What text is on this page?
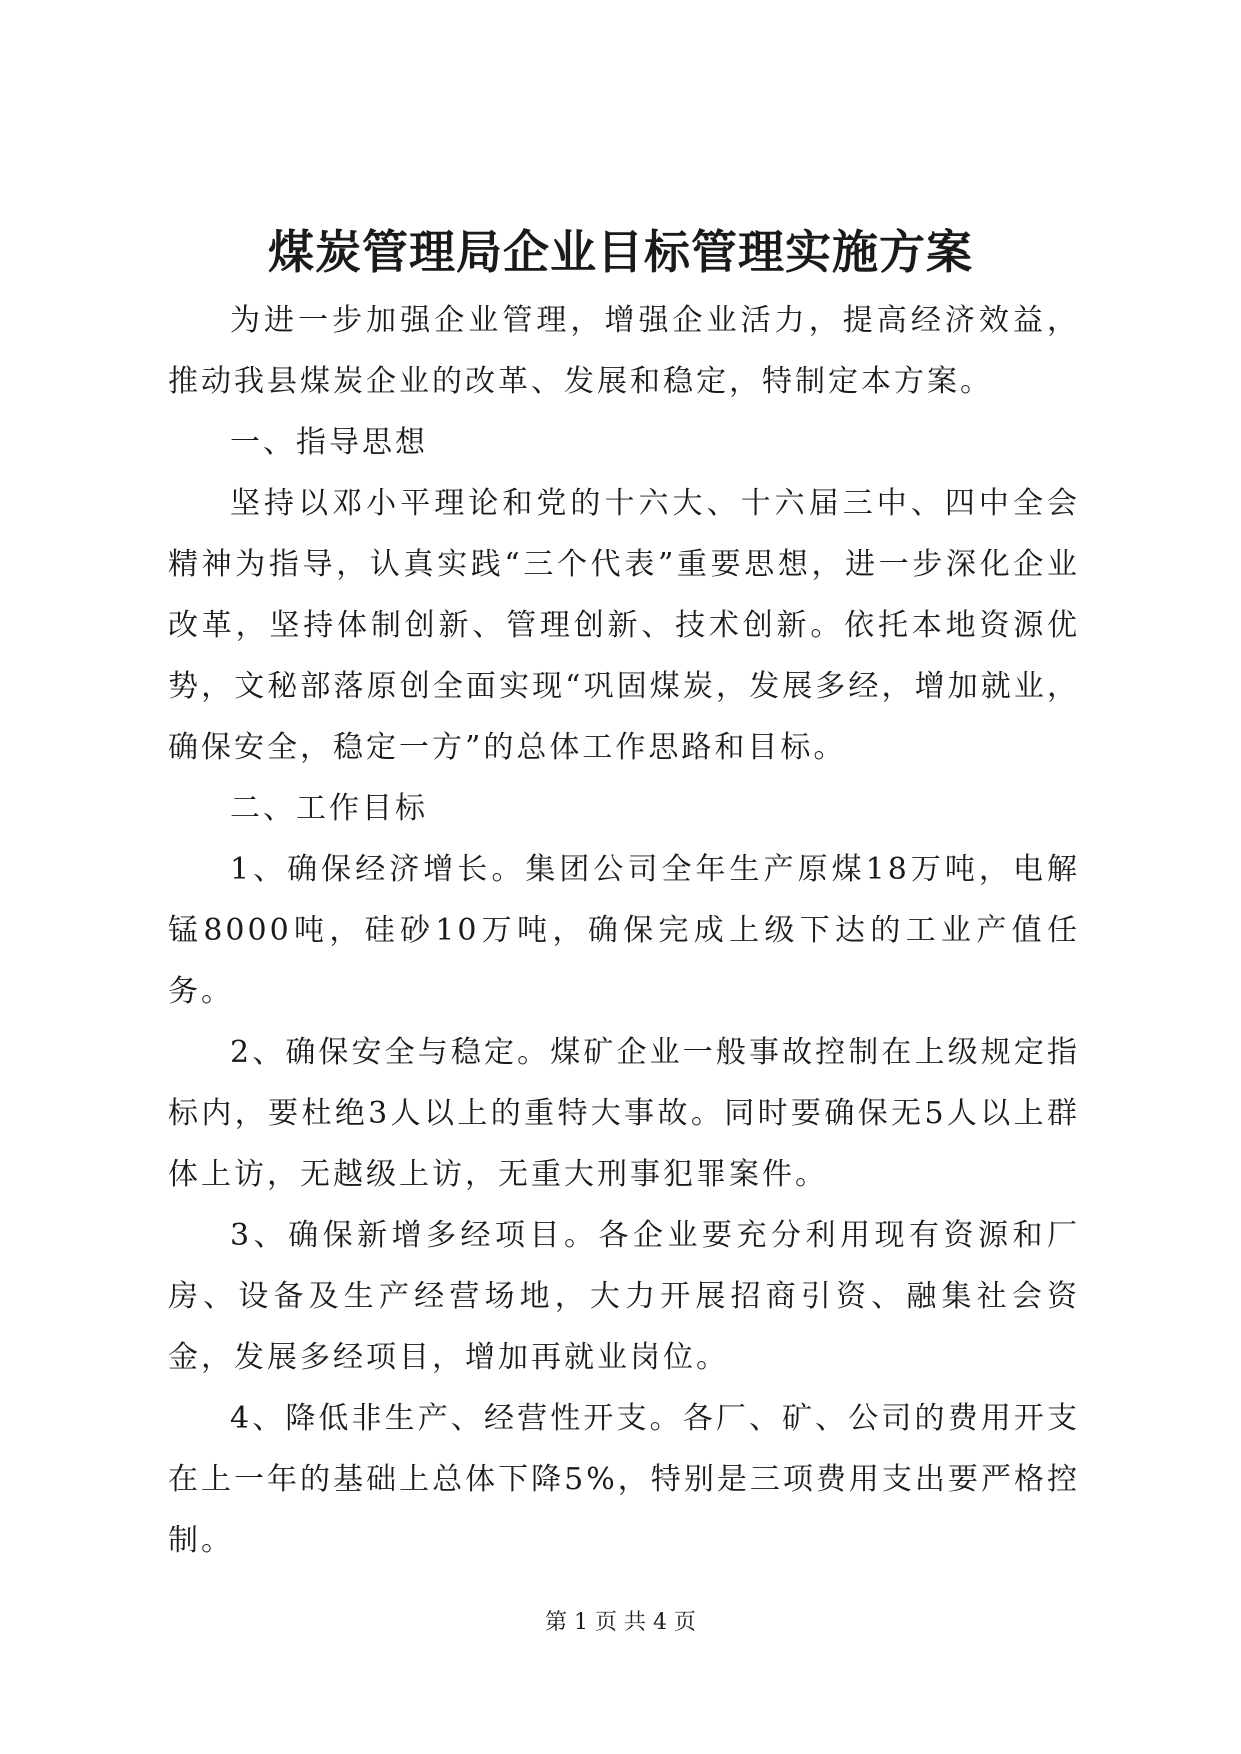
煤炭管理局企业目标管理实施方案

为进一步加强企业管理，增强企业活力，提高经济效益，推动我县煤炭企业的改革、发展和稳定，特制定本方案。

一、指导思想

坚持以邓小平理论和党的十六大、十六届三中、四中全会精神为指导，认真实践“三个代表”重要思想，进一步深化企业改革，坚持体制创新、管理创新、技术创新。依托本地资源优势，文秘部落原创全面实现“巩固煤炭，发展多经，增加就业，确保安全，稳定一方”的总体工作思路和目标。

二、工作目标

1、确保经济增长。集团公司全年生产原煤18万吨，电解锰8000吨，硅砂10万吨，确保完成上级下达的工业产值任务。

2、确保安全与稳定。煤矿企业一般事故控制在上级规定指标内，要杜绝3人以上的重特大事故。同时要确保无5人以上群体上访，无越级上访，无重大刑事犯罪案件。

3、确保新增多经项目。各企业要充分利用现有资源和厂房、设备及生产经营场地，大力开展招商引资、融集社会资金，发展多经项目，增加再就业岗位。

4、降低非生产、经营性开支。各厂、矿、公司的费用开支在上一年的基础上总体下降5%，特别是三项费用支出要严格控制。

第 1 页 共 4 页
